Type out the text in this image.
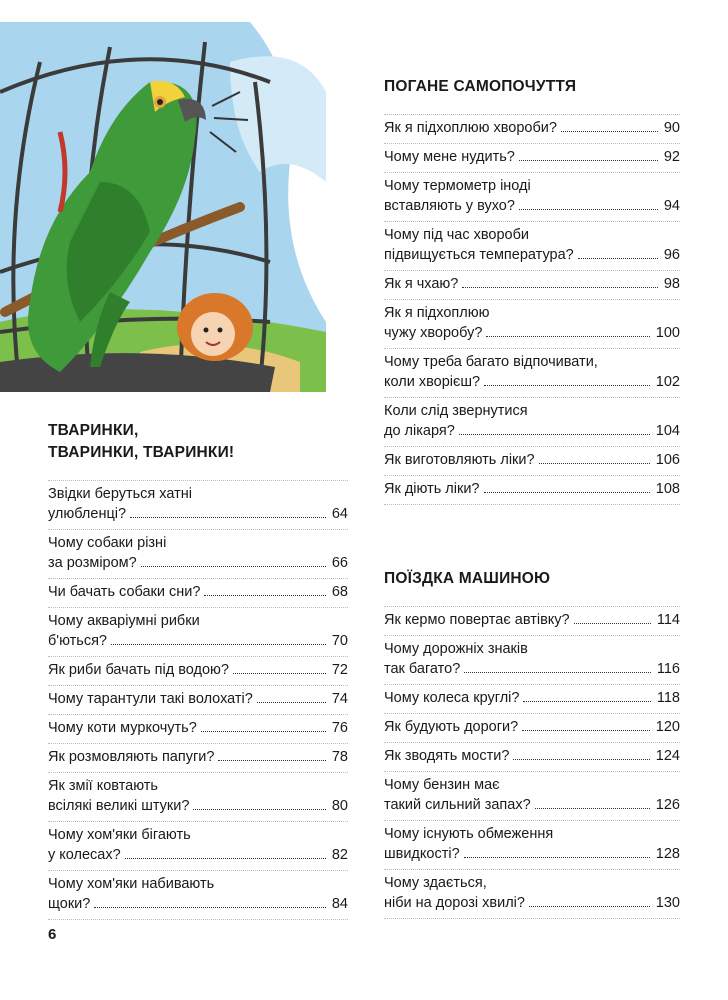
ТВАРИНКИ,
ТВАРИНКИ, ТВАРИНКИ!
Звідки беруться хатні
улюбленці?	64
Чому собаки різні
за розміром?	66
Чи бачать собаки сни?	68
Чому акваріумні рибки
б'ються?	70
Як риби бачать під водою?	72
Чому тарантули такі волохаті?	74
Чому коти муркочуть?	76
Як розмовляють папуги?	78
Як змії ковтають
всілякі великі штуки?	80
Чому хом'яки бігають
у колесах?	82
Чому хом'яки набивають
щоки?	84
ПОГАНЕ САМОПОЧУТТЯ
Як я підхоплюю хвороби?	90
Чому мене нудить?	92
Чому термометр іноді
вставляють у вухо?	94
Чому під час хвороби
підвищується температура?	96
Як я чхаю?	98
Як я підхоплюю
чужу хворобу?	100
Чому треба багато відпочивати,
коли хворієш?	102
Коли слід звернутися
до лікаря?	104
Як виготовляють ліки?	106
Як діють ліки?	108
ПОЇЗДКА МАШИНОЮ
Як кермо повертає автівку?	114
Чому дорожніх знаків
так багато?	116
Чому колеса круглі?	118
Як будують дороги?	120
Як зводять мости?	124
Чому бензин має
такий сильний запах?	126
Чому існують обмеження
швидкості?	128
Чому здається,
ніби на дорозі хвилі?	130
6
